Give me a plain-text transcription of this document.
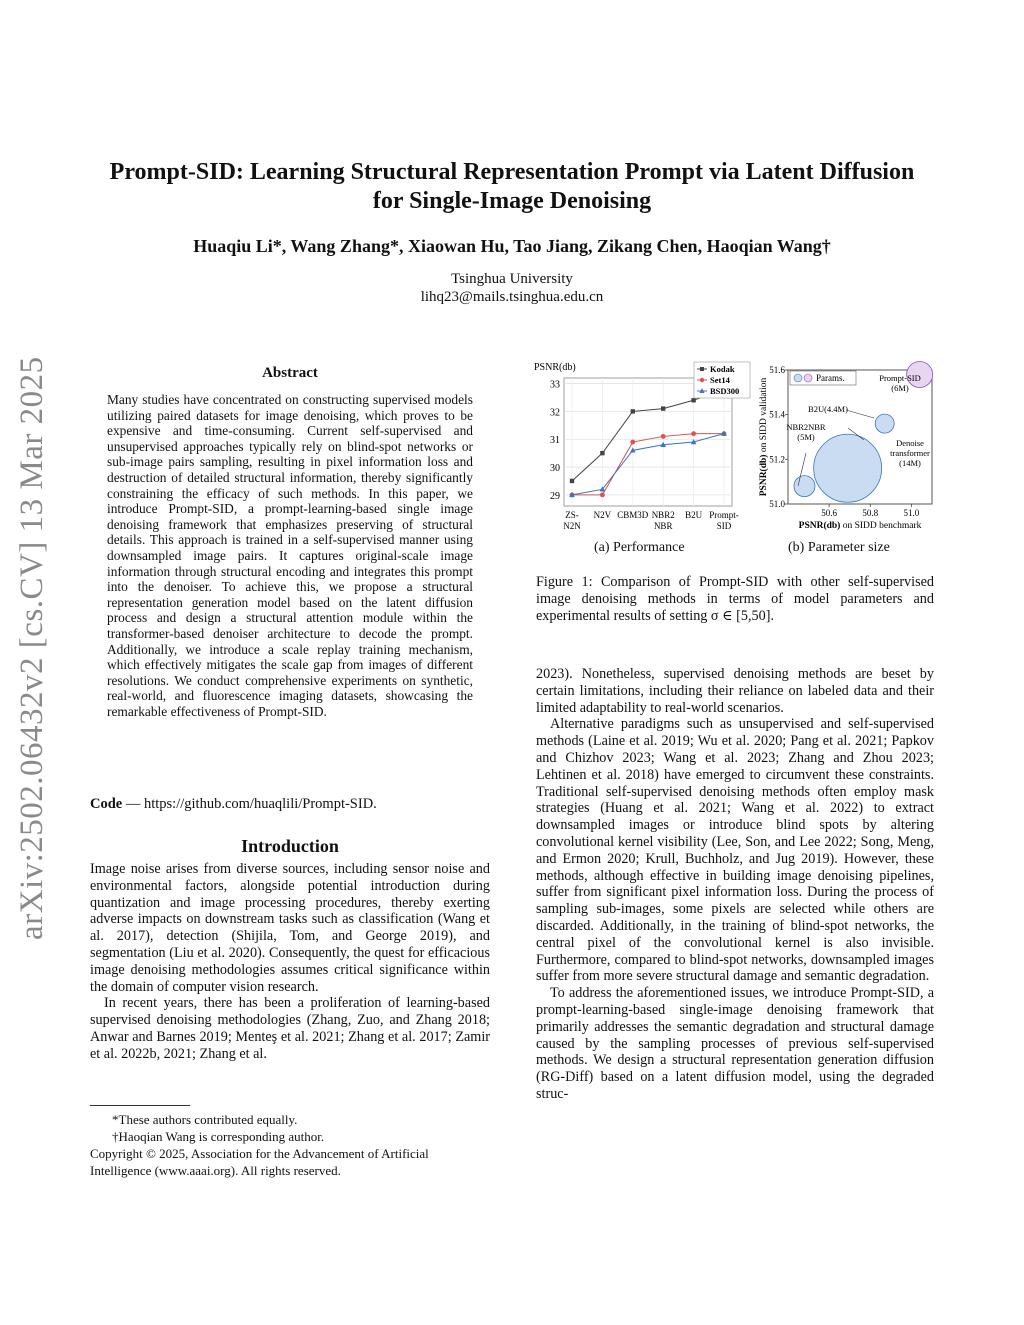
arXiv:2502.06432v2 [cs.CV] 13 Mar 2025
Prompt-SID: Learning Structural Representation Prompt via Latent Diffusion
for Single-Image Denoising
Huaqiu Li*, Wang Zhang*, Xiaowan Hu, Tao Jiang, Zikang Chen, Haoqian Wang†
Tsinghua University
lihq23@mails.tsinghua.edu.cn
Abstract
Many studies have concentrated on constructing supervised models utilizing paired datasets for image denoising, which proves to be expensive and time-consuming. Current self-supervised and unsupervised approaches typically rely on blind-spot networks or sub-image pairs sampling, resulting in pixel information loss and destruction of detailed structural information, thereby significantly constraining the efficacy of such methods. In this paper, we introduce Prompt-SID, a prompt-learning-based single image denoising framework that emphasizes preserving of structural details. This approach is trained in a self-supervised manner using downsampled image pairs. It captures original-scale image information through structural encoding and integrates this prompt into the denoiser. To achieve this, we propose a structural representation generation model based on the latent diffusion process and design a structural attention module within the transformer-based denoiser architecture to decode the prompt. Additionally, we introduce a scale replay training mechanism, which effectively mitigates the scale gap from images of different resolutions. We conduct comprehensive experiments on synthetic, real-world, and fluorescence imaging datasets, showcasing the remarkable effectiveness of Prompt-SID.
Code — https://github.com/huaqlili/Prompt-SID.
Introduction

Image noise arises from diverse sources, including sensor noise and environmental factors, alongside potential introduction during quantization and image processing procedures, thereby exerting adverse impacts on downstream tasks such as classification (Wang et al. 2017), detection (Shijila, Tom, and George 2019), and segmentation (Liu et al. 2020). Consequently, the quest for efficacious image denoising methodologies assumes critical significance within the domain of computer vision research.

In recent years, there has been a proliferation of learning-based supervised denoising methodologies (Zhang, Zuo, and Zhang 2018; Anwar and Barnes 2019; Menteş et al. 2021; Zhang et al. 2017; Zamir et al. 2022b, 2021; Zhang et al.

*These authors contributed equally.

†Haoqian Wang is corresponding author.

Copyright © 2025, Association for the Advancement of Artificial Intelligence (www.aaai.org). All rights reserved.

29
30
31
32
33
ZS-N2N
N2V CBM3D NBR2 NBR
B2U Prompt-SID
PSNR(db)	Kodak
Set14
BSD300
51.0
51.2
51.4
51.6
50.6	50.8	51.0
PSNR(db) on SIDD benchmark
PSNR(db) on SIDD validation	Params.
Denoise transformer (14M)
NBR2NBR (5M)
B2U(4.4M)
Prompt-SID (6M)
(a) Performance	(b) Parameter size
Figure 1: Comparison of Prompt-SID with other self-supervised image denoising methods in terms of model parameters and experimental results of setting σ ∈ [5,50].

2023). Nonetheless, supervised denoising methods are beset by certain limitations, including their reliance on labeled data and their limited adaptability to real-world scenarios.

Alternative paradigms such as unsupervised and self-supervised methods (Laine et al. 2019; Wu et al. 2020; Pang et al. 2021; Papkov and Chizhov 2023; Wang et al. 2023; Zhang and Zhou 2023; Lehtinen et al. 2018) have emerged to circumvent these constraints. Traditional self-supervised denoising methods often employ mask strategies (Huang et al. 2021; Wang et al. 2022) to extract downsampled images or introduce blind spots by altering convolutional kernel visibility (Lee, Son, and Lee 2022; Song, Meng, and Ermon 2020; Krull, Buchholz, and Jug 2019). However, these methods, although effective in building image denoising pipelines, suffer from significant pixel information loss. During the process of sampling sub-images, some pixels are selected while others are discarded. Additionally, in the training of blind-spot networks, the central pixel of the convolutional kernel is also invisible. Furthermore, compared to blind-spot networks, downsampled images suffer from more severe structural damage and semantic degradation.

To address the aforementioned issues, we introduce Prompt-SID, a prompt-learning-based single-image denoising framework that primarily addresses the semantic degradation and structural damage caused by the sampling processes of previous self-supervised methods. We design a structural representation generation diffusion (RG-Diff) based on a latent diffusion model, using the degraded struc-
